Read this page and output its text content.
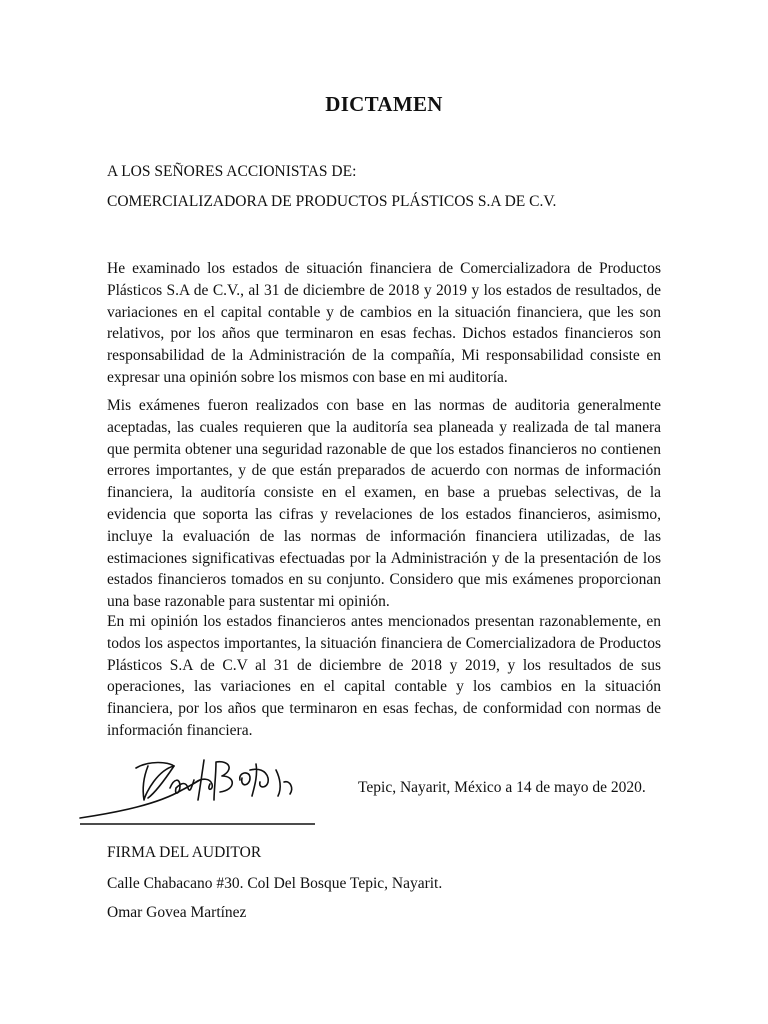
DICTAMEN
A LOS SEÑORES ACCIONISTAS DE:
COMERCIALIZADORA DE PRODUCTOS PLÁSTICOS S.A DE C.V.

He examinado los estados de situación financiera de Comercializadora de Productos Plásticos S.A de C.V., al 31 de diciembre de 2018 y 2019 y los estados de resultados, de variaciones en el capital contable y de cambios en la situación financiera, que les son relativos, por los años que terminaron en esas fechas. Dichos estados financieros son responsabilidad de la Administración de la compañía, Mi responsabilidad consiste en expresar una opinión sobre los mismos con base en mi auditoría.

Mis exámenes fueron realizados con base en las normas de auditoria generalmente aceptadas, las cuales requieren que la auditoría sea planeada y realizada de tal manera que permita obtener una seguridad razonable de que los estados financieros no contienen errores importantes, y de que están preparados de acuerdo con normas de información financiera, la auditoría consiste en el examen, en base a pruebas selectivas, de la evidencia que soporta las cifras y revelaciones de los estados financieros, asimismo, incluye la evaluación de las normas de información financiera utilizadas, de las estimaciones significativas efectuadas por la Administración y de la presentación de los estados financieros tomados en su conjunto. Considero que mis exámenes proporcionan una base razonable para sustentar mi opinión.

En mi opinión los estados financieros antes mencionados presentan razonablemente, en todos los aspectos importantes, la situación financiera de Comercializadora de Productos Plásticos S.A de C.V al 31 de diciembre de 2018 y 2019, y los resultados de sus operaciones, las variaciones en el capital contable y los cambios en la situación financiera, por los años que terminaron en esas fechas, de conformidad con normas de información financiera.

Tepic, Nayarit, México a 14 de mayo de 2020.
FIRMA DEL AUDITOR
Calle Chabacano #30. Col Del Bosque Tepic, Nayarit.
Omar Govea Martínez
